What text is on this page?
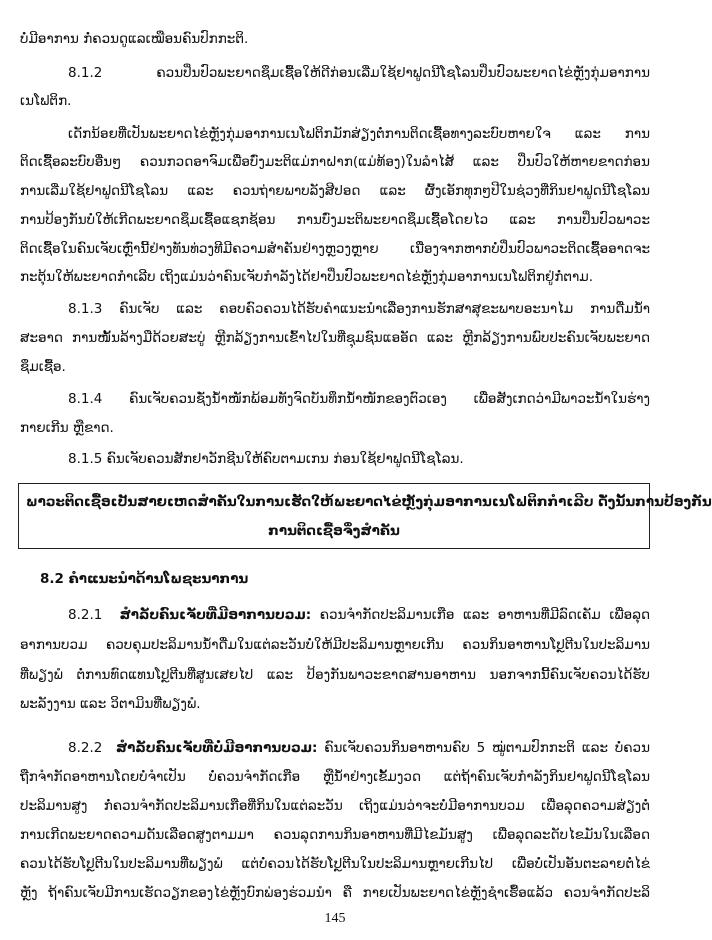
ບໍ່ມີອາການ ກໍ່ຄວນດູແລເໝືອນຄົນປົກກະຕິ.
8.1.2 ຄວນປິ່ນປົວພະຍາດຊຶມເຊື້ອໃຫ້ດີກ່ອນເລີ່ມໃຊ້ຢາຟູດນີໂຊໂລນປິ່ນປົວພະຍາດໄຂ່ຫຼັງກຸ່ມອາການ
ເນໂຟຕິກ.
ເດັກນ້ອຍທີ່ເປັນພະຍາດໄຂ່ຫຼັງກຸ່ມອາການເນໂຟຕິກມັກສ່ຽງຕໍ່ການຕິດເຊື້ອທາງລະບົບຫາຍໃຈ ແລະ ການ
ຕິດເຊື້ອລະບົບອື່ນໆ ຄວນກວດອາຈົມເພື່ອບົ່ງມະຕິແມ່ກາຝາກ(ແມ່ທ້ອງ)ໃນລຳໄສ້ ແລະ ປິ່ນປົວໃຫ້ຫາຍຂາດກ່ອນ
ການເລີ່ມໃຊ້ຢາຟູດນີໂຊໂລນ ແລະ ຄວນຖ່າຍພາບລັງສີປອດ ແລະ ຜົ້ງເອັກທຸກໆປີໃນຊ່ວງທີ່ກິນຢາຟູດນີໂຊໂລນ
ການປ້ອງກັນບໍ່ໃຫ້ເກີດພະຍາດຊຶມເຊື້ອແຊກຊ້ອນ ການບົ່ງມະຕິພະຍາດຊຶມເຊື້ອໂດຍໄວ ແລະ ການປິ່ນປົວພາວະ
ຕິດເຊື້ອໃນຄົນເຈັບເຫຼົ່ານີ້ຢ່າງທັນທ່ວງທີມີຄວາມສຳຄັນຢ່າງຫຼວງຫຼາຍ ເນື່ອງຈາກຫາກບໍ່ປິ່ນປົວພາວະຕິດເຊື້ອອາດຈະ
ກະຕຸ້ນໃຫ້ພະຍາດກຳເລີບ ເຖິງແມ່ນວ່າຄົນເຈັບກຳລັງໄດ້ຢາປິ່ນປົວພະຍາດໄຂ່ຫຼັງກຸ່ມອາການເນໂຟຕິກຢູ່ກໍ່ຕາມ.
8.1.3 ຄົນເຈັບ ແລະ ຄອບຄົວຄວນໄດ້ຮັບຄຳແນະນຳເລື່ອງການຮັກສາສຸຂະພາບອະນາໄມ ການດື່ມນ້ຳ
ສະອາດ ການໜັ້ນລ້າງມືດ້ວຍສະບູ່ ຫຼີກລ້ຽງການເຂົ້າໄປໃນທີ່ຊຸມຊົນແອອັດ ແລະ ຫຼີກລ້ຽງການພົບປະຄົນເຈັບພະຍາດ
ຊຶມເຊື້ອ.
8.1.4 ຄົນເຈັບຄວນຊັ່ງນ້ຳໜັກພ້ອມທັງຈົດບັນທຶກນ້ຳໜັກຂອງຕົວເອງ ເພື່ອສັງເກດວ່າມີພາວະນ້ຳໃນຮ່າງ
ກາຍເກີນ ຫຼືຂາດ.
8.1.5 ຄົນເຈັບຄວນສັກຢາວັກຊີນໃຫ້ຄົບຕາມເກນ ກ່ອນໃຊ້ຢາຟູດນີໂຊໂລນ.
ພາວະຕິດເຊື້ອເປັນສາຍເຫດສຳຄັນໃນການເຮັດໃຫ້ພະຍາດໄຂ່ຫຼັງກຸ່ມອາການເນໂຟຕິກກຳເລີບ ດັ່ງນັ້ນການປ້ອງກັນ
ການຕິດເຊື້ອຈຶ່ງສຳຄັນ
8.2 ຄຳແນະນຳດ້ານໂພຊະນາການ
8.2.1 ສຳລັບຄົນເຈັບທີ່ມີອາການບວມ: ຄວນຈຳກັດປະລິມານເກືອ ແລະ ອາຫານທີ່ມີລົດເຄັມ ເພື່ອລຸດ
ອາການບວມ ຄວບຄຸມປະລິມານນ້ຳດື່ມໃນແຕ່ລະວັນບໍ່ໃຫ້ມີປະລິມານຫຼາຍເກີນ ຄວນກິນອາຫານໂປຼຕີນໃນປະລິມານ
ທີ່ພຽງພໍ ຕໍ່ການທົດແທນໂປຼຕີນທີ່ສູນເສຍໄປ ແລະ ປ້ອງກັນພາວະຂາດສານອາຫານ ນອກຈາກນີ້ຄົນເຈັບຄວນໄດ້ຮັບ
ພະລັງງານ ແລະ ວິຕາມິນທີ່ພຽງພໍ.
8.2.2 ສຳລັບຄົນເຈັບທີ່ບໍ່ມີອາການບວມ: ຄົນເຈັບຄວນກິນອາຫານຄົບ 5 ໝູ່ຕາມປົກກະຕິ ແລະ ບໍ່ຄວນ
ຖືກຈຳກັດອາຫານໂດຍບໍ່ຈຳເປັນ ບໍ່ຄວນຈຳກັດເກືອ ຫຼືນ້ຳຢ່າງເຂັ້ມງວດ ແຕ່ຖ້າຄົນເຈັບກຳລັງກິນຢາຟູດນີໂຊໂລນ
ປະລິມານສູງ ກໍ່ຄວນຈຳກັດປະລິມານເກືອທີ່ກິນໃນແຕ່ລະວັນ ເຖິງແມ່ນວ່າຈະບໍ່ມີອາການບວມ ເພື່ອລຸດຄວາມສ່ຽງຕໍ່
ການເກີດພະຍາດຄວາມດັນເລືອດສູງຕາມມາ ຄວນລຸດການກິນອາຫານທີ່ມີໄຂມັນສູງ ເພື່ອລຸດລະດັບໄຂມັນໃນເລືອດ
ຄວນໄດ້ຮັບໂປຼຕີນໃນປະລິມານທີ່ພຽງພໍ ແຕ່ບໍ່ຄວນໄດ້ຮັບໂປຼຕີນໃນປະລິມານຫຼາຍເກີນໄປ ເພື່ອບໍ່ເປັນອັນຕະລາຍຕໍ່ໄຂ່
ຫຼັງ ຖ້າຄົນເຈັບມີການເຮັດວຽກຂອງໄຂ່ຫຼັງບົກພ່ອງຮ່ວມນຳ ຄື ກາຍເປັນພະຍາດໄຂ່ຫຼັງຊຳເຮື້ອແລ້ວ ຄວນຈຳກັດປະລິ
145
